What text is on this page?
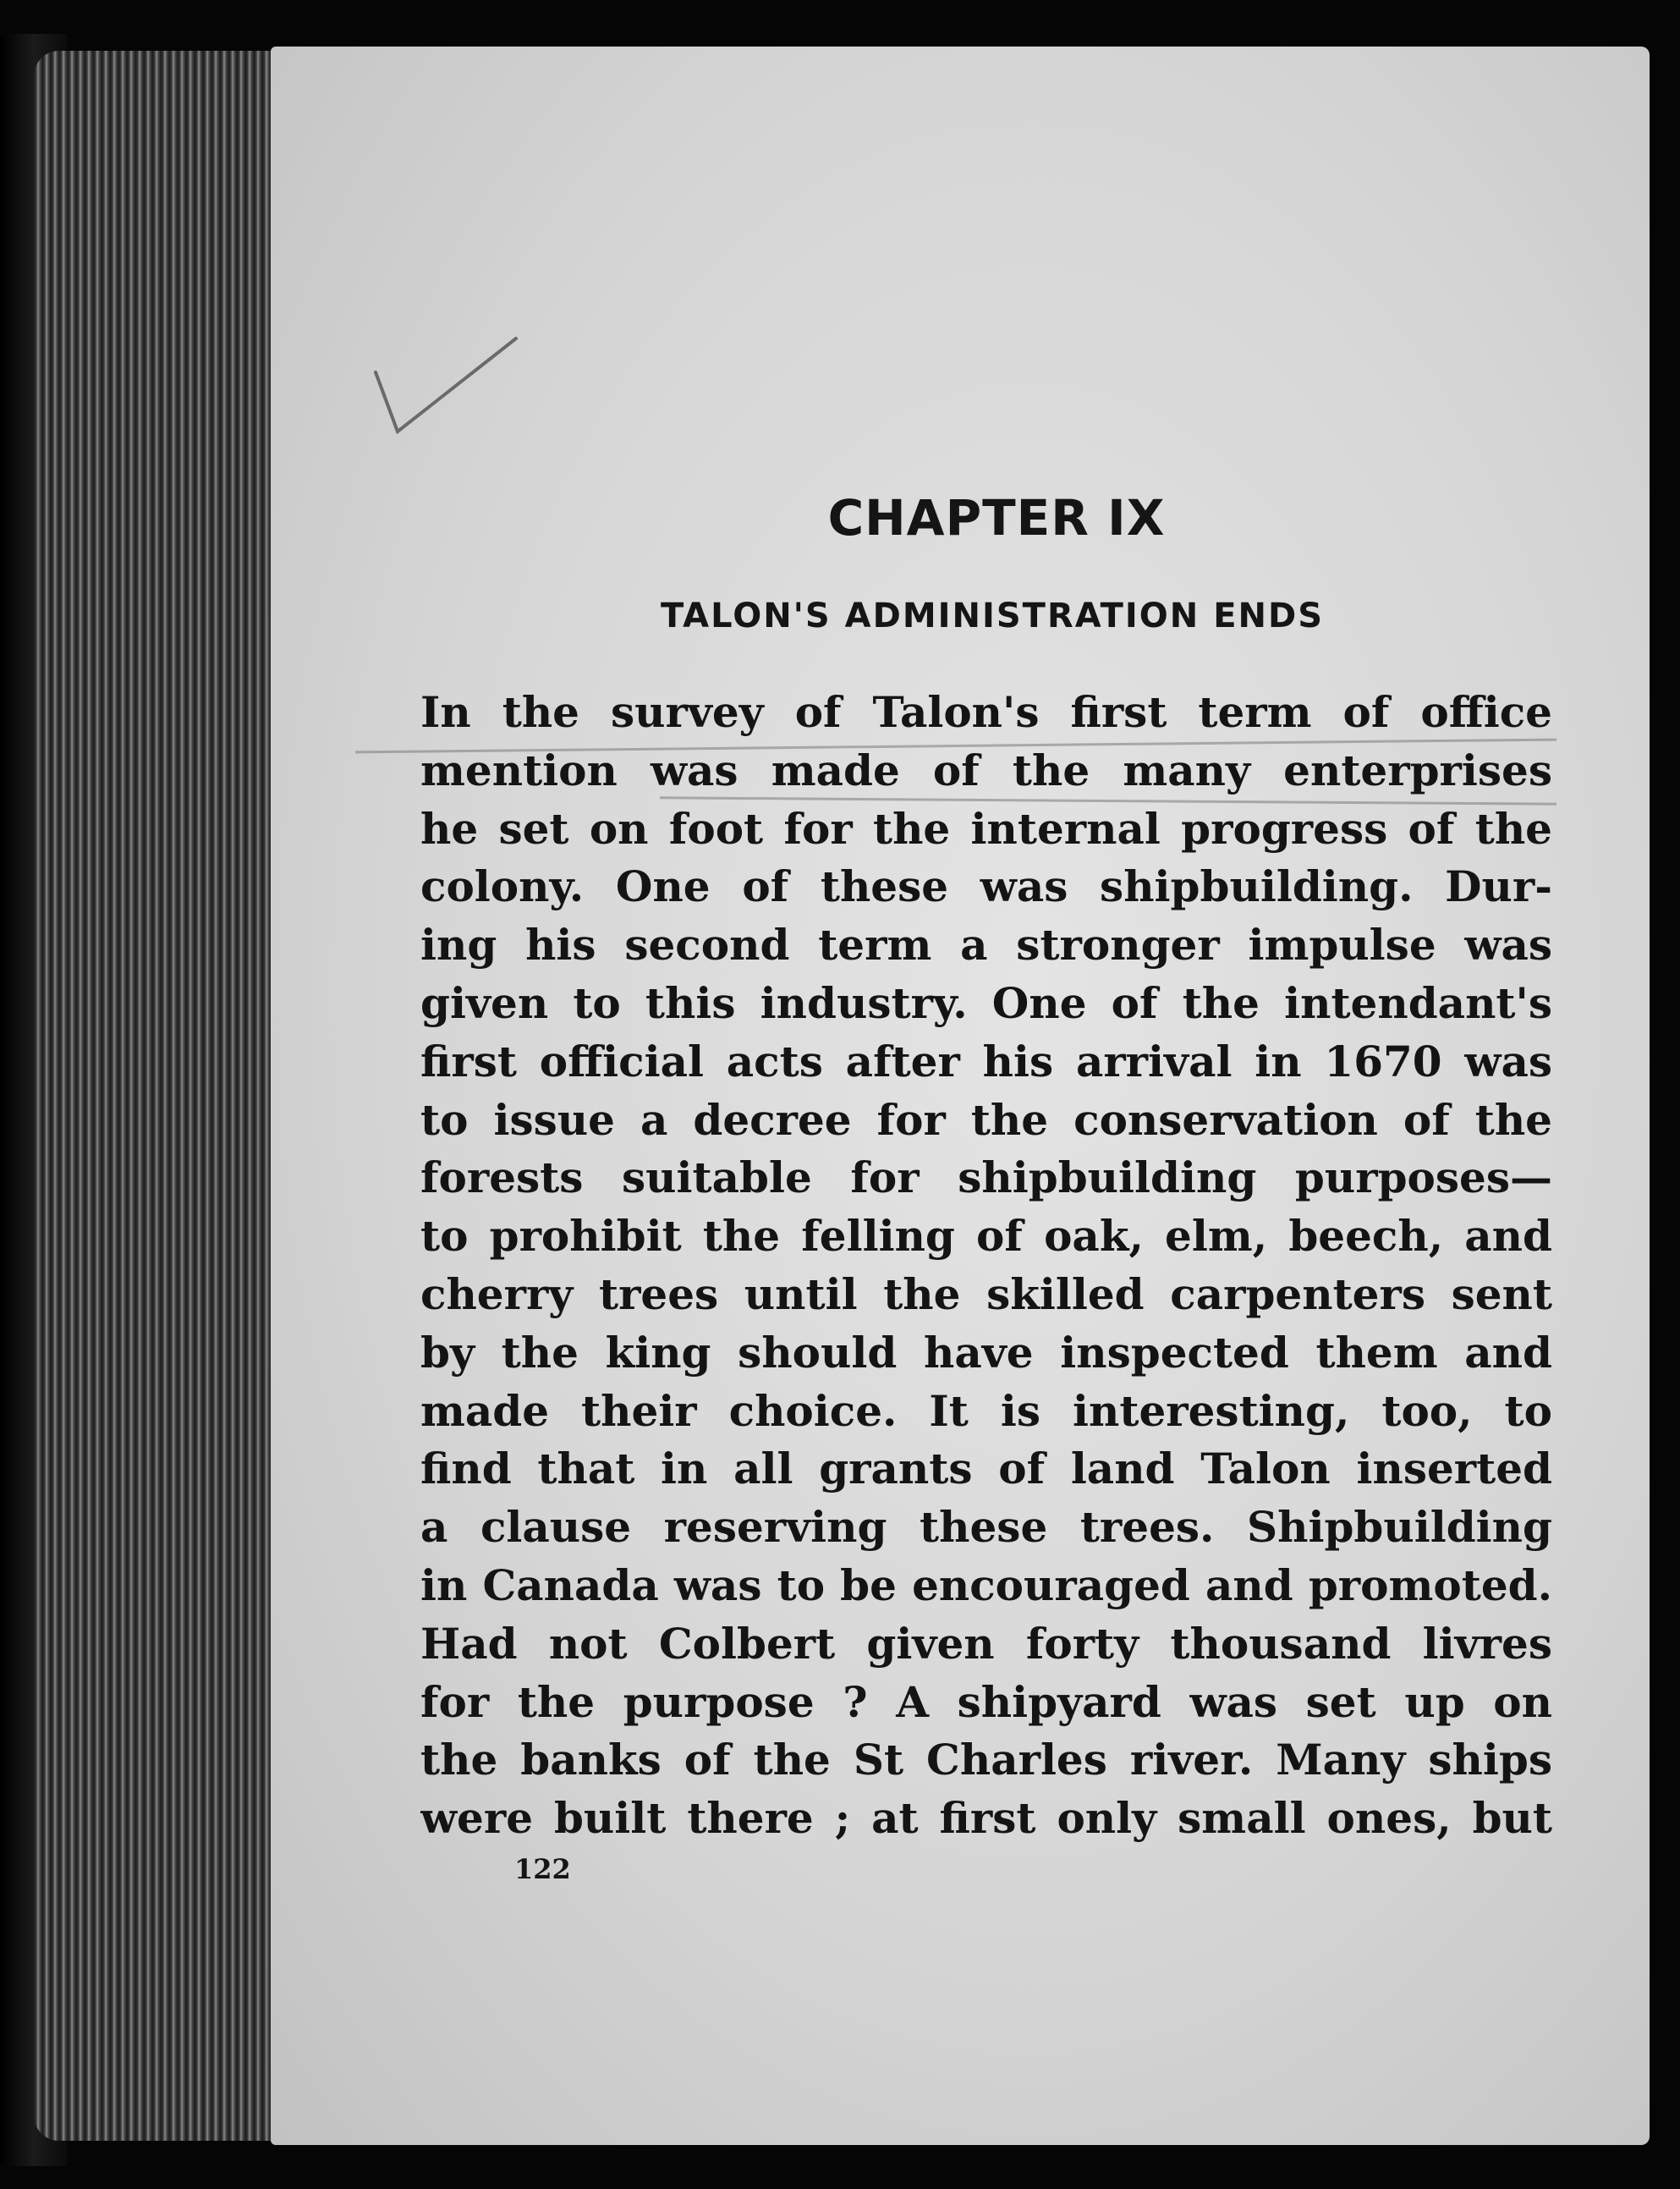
CHAPTER IX
TALON'S ADMINISTRATION ENDS
In the survey of Talon's first term of office
mention was made of the many enterprises
he set on foot for the internal progress of the
colony. One of these was shipbuilding. Dur-
ing his second term a stronger impulse was
given to this industry. One of the intendant's
first official acts after his arrival in 1670 was
to issue a decree for the conservation of the
forests suitable for shipbuilding purposes—
to prohibit the felling of oak, elm, beech, and
cherry trees until the skilled carpenters sent
by the king should have inspected them and
made their choice. It is interesting, too, to
find that in all grants of land Talon inserted
a clause reserving these trees. Shipbuilding
in Canada was to be encouraged and promoted.
Had not Colbert given forty thousand livres
for the purpose ? A shipyard was set up on
the banks of the St Charles river. Many ships
were built there ; at first only small ones, but
122
